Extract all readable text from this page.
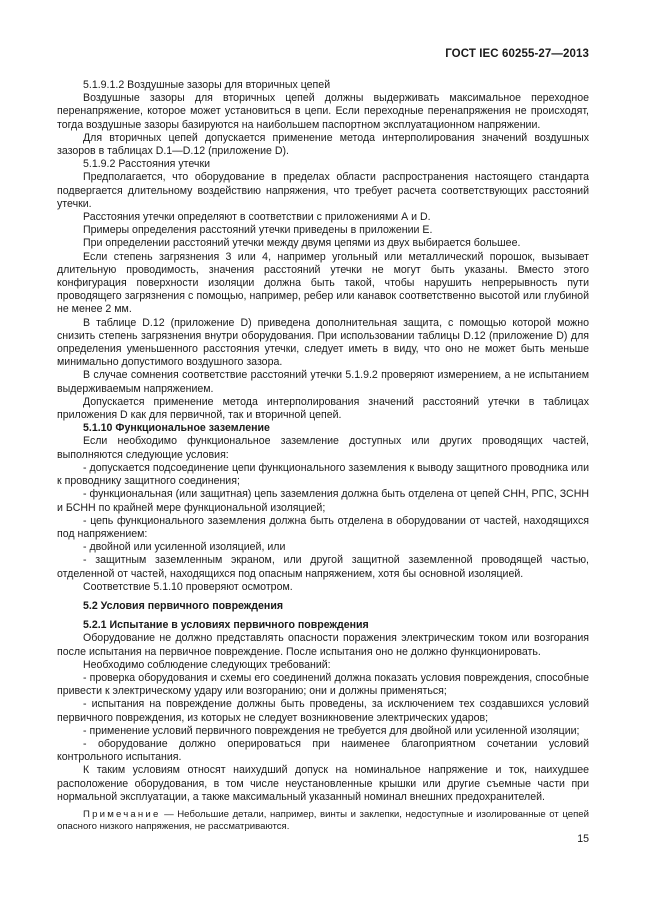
ГОСТ IEC 60255-27—2013

5.1.9.1.2 Воздушные зазоры для вторичных цепей

Воздушные зазоры для вторичных цепей должны выдерживать максимальное переходное перенапряжение, которое может установиться в цепи. Если переходные перенапряжения не происходят, тогда воздушные зазоры базируются на наибольшем паспортном эксплуатационном напряжении.

Для вторичных цепей допускается применение метода интерполирования значений воздушных зазоров в таблицах D.1—D.12 (приложение D).

5.1.9.2 Расстояния утечки

Предполагается, что оборудование в пределах области распространения настоящего стандарта подвергается длительному воздействию напряжения, что требует расчета соответствующих расстояний утечки.

Расстояния утечки определяют в соответствии с приложениями А и D.

Примеры определения расстояний утечки приведены в приложении Е.

При определении расстояний утечки между двумя цепями из двух выбирается большее.

Если степень загрязнения 3 или 4, например угольный или металлический порошок, вызывает длительную проводимость, значения расстояний утечки не могут быть указаны. Вместо этого конфигурация поверхности изоляции должна быть такой, чтобы нарушить непрерывность пути проводящего загрязнения с помощью, например, ребер или канавок соответственно высотой или глубиной не менее 2 мм.

В таблице D.12 (приложение D) приведена дополнительная защита, с помощью которой можно снизить степень загрязнения внутри оборудования. При использовании таблицы D.12 (приложение D) для определения уменьшенного расстояния утечки, следует иметь в виду, что оно не может быть меньше минимально допустимого воздушного зазора.

В случае сомнения соответствие расстояний утечки 5.1.9.2 проверяют измерением, а не испытанием выдерживаемым напряжением.

Допускается применение метода интерполирования значений расстояний утечки в таблицах приложения D как для первичной, так и вторичной цепей.

5.1.10 Функциональное заземление

Если необходимо функциональное заземление доступных или других проводящих частей, выполняются следующие условия:

- допускается подсоединение цепи функционального заземления к выводу защитного проводника или к проводнику защитного соединения;

- функциональная (или защитная) цепь заземления должна быть отделена от цепей СНН, РПС, ЗСНН и БСНН по крайней мере функциональной изоляцией;

- цепь функционального заземления должна быть отделена в оборудовании от частей, находящихся под напряжением:

- двойной или усиленной изоляцией, или

- защитным заземленным экраном, или другой защитной заземленной проводящей частью, отделенной от частей, находящихся под опасным напряжением, хотя бы основной изоляцией.

Соответствие 5.1.10 проверяют осмотром.

5.2 Условия первичного повреждения

5.2.1 Испытание в условиях первичного повреждения

Оборудование не должно представлять опасности поражения электрическим током или возгорания после испытания на первичное повреждение. После испытания оно не должно функционировать.

Необходимо соблюдение следующих требований:

- проверка оборудования и схемы его соединений должна показать условия повреждения, способные привести к электрическому удару или возгоранию; они и должны применяться;

- испытания на повреждение должны быть проведены, за исключением тех создавшихся условий первичного повреждения, из которых не следует возникновение электрических ударов;

- применение условий первичного повреждения не требуется для двойной или усиленной изоляции;

- оборудование должно оперироваться при наименее благоприятном сочетании условий контрольного испытания.

К таким условиям относят наихудший допуск на номинальное напряжение и ток, наихудшее расположение оборудования, в том числе неустановленные крышки или другие съемные части при нормальной эксплуатации, а также максимальный указанный номинал внешних предохранителей.

Примечание — Небольшие детали, например, винты и заклепки, недоступные и изолированные от цепей опасного низкого напряжения, не рассматриваются.

15
